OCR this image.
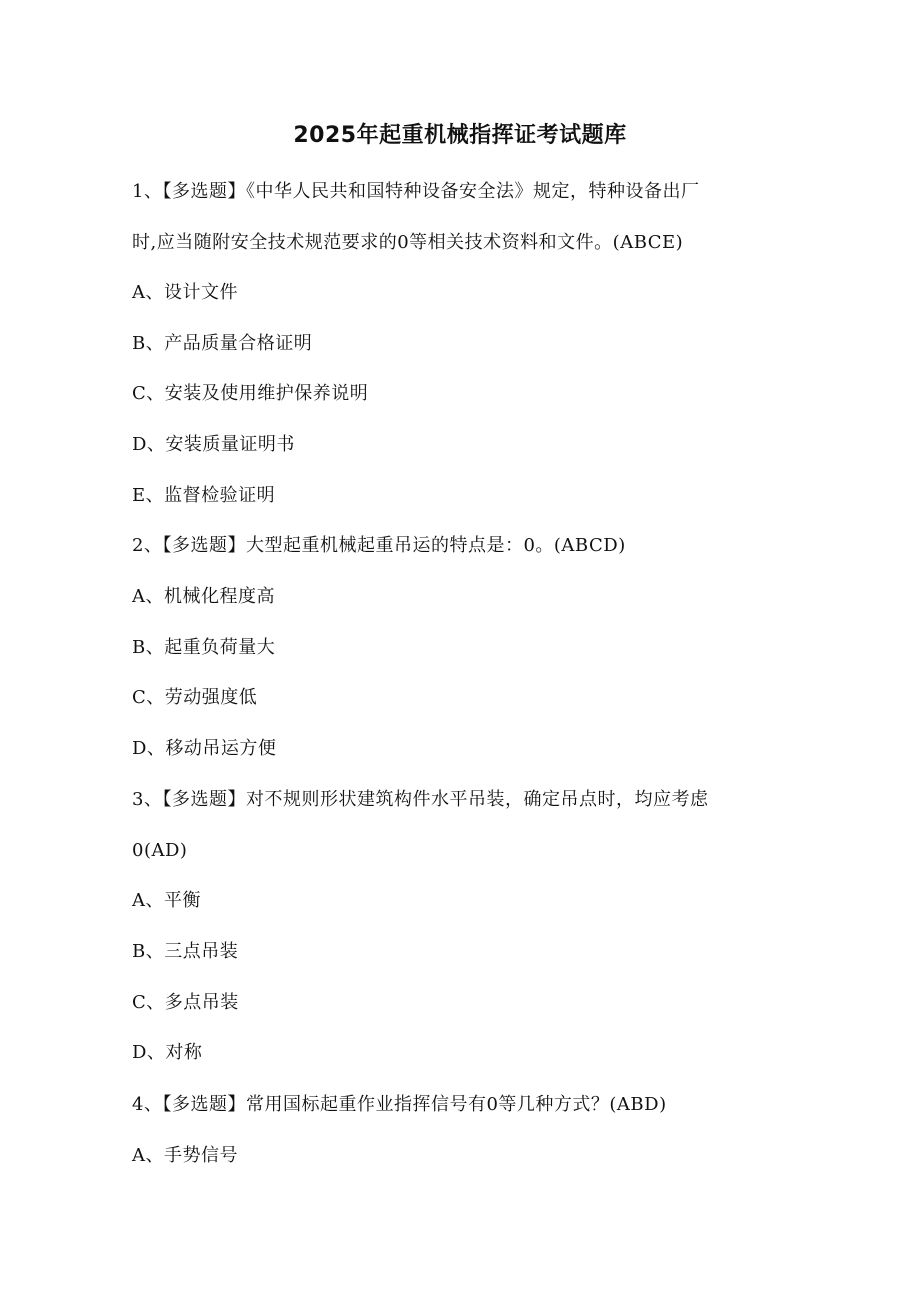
2025年起重机械指挥证考试题库
1、【多选题】《中华人民共和国特种设备安全法》规定，特种设备出厂
时,应当随附安全技术规范要求的0等相关技术资料和文件。(ABCE)
A、设计文件
B、产品质量合格证明
C、安装及使用维护保养说明
D、安装质量证明书
E、监督检验证明
2、【多选题】大型起重机械起重吊运的特点是：0。(ABCD)
A、机械化程度高
B、起重负荷量大
C、劳动强度低
D、移动吊运方便
3、【多选题】对不规则形状建筑构件水平吊装，确定吊点时，均应考虑
0(AD)
A、平衡
B、三点吊装
C、多点吊装
D、对称
4、【多选题】常用国标起重作业指挥信号有0等几种方式？(ABD)
A、手势信号
